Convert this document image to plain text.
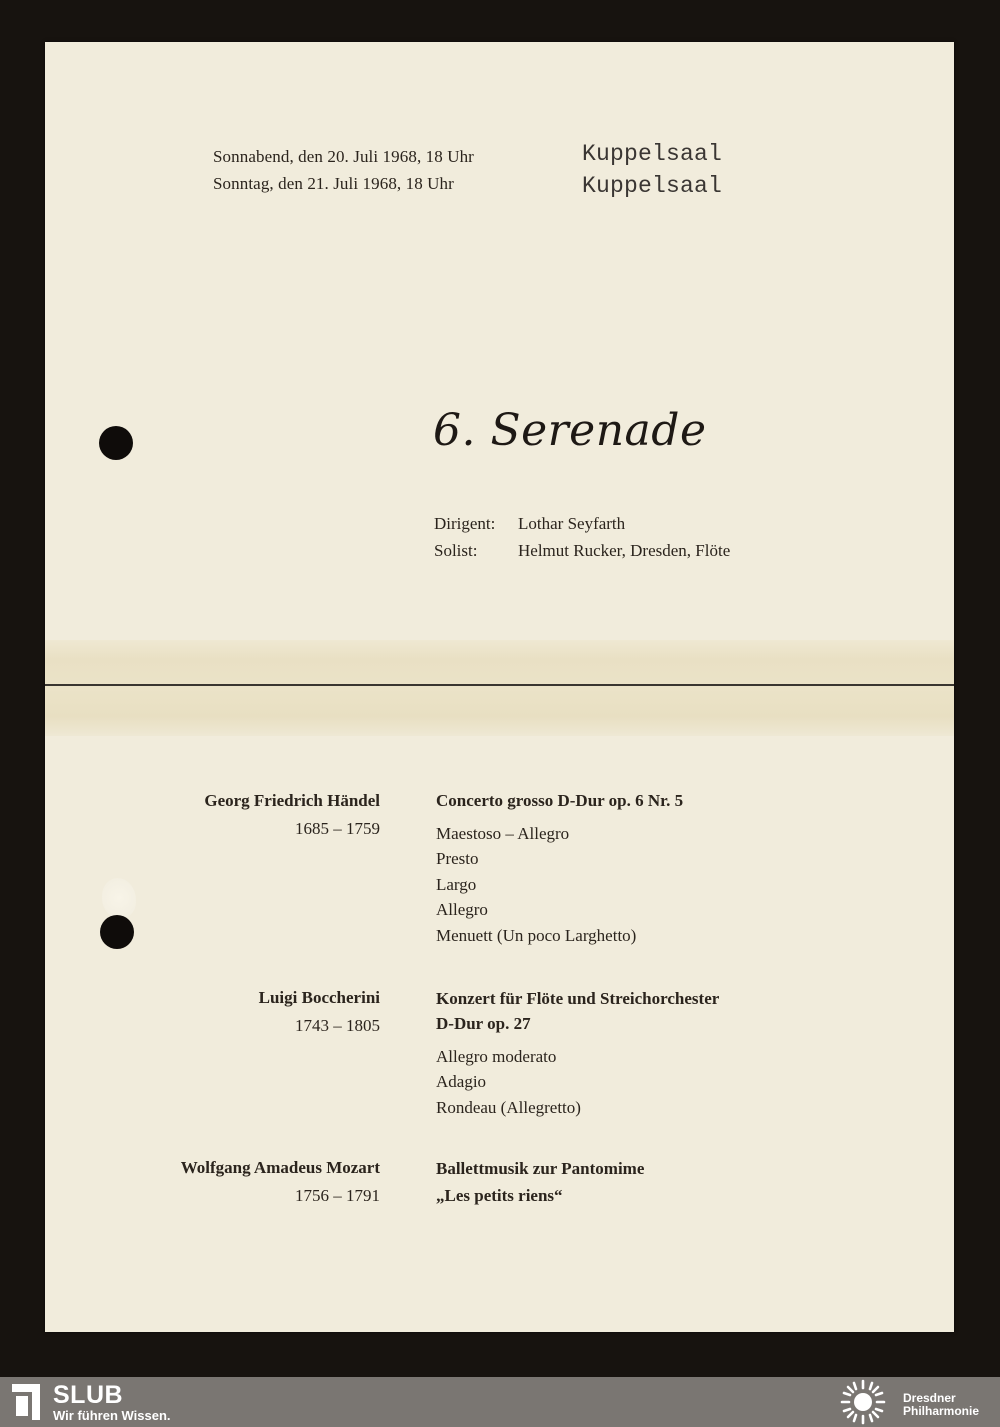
Sonnabend, den 20. Juli 1968, 18 Uhr
Sonntag, den 21. Juli 1968, 18 Uhr
Kuppelsaal
Kuppelsaal
6. Serenade
Dirigent: Lothar Seyfarth
Solist: Helmut Rucker, Dresden, Flöte
Georg Friedrich Händel
1685 – 1759
Concerto grosso D-Dur op. 6 Nr. 5
Maestoso – Allegro
Presto
Largo
Allegro
Menuett (Un poco Larghetto)
Luigi Boccherini
1743 – 1805
Konzert für Flöte und Streichorchester
D-Dur op. 27
Allegro moderato
Adagio
Rondeau (Allegretto)
Wolfgang Amadeus Mozart
1756 – 1791
Ballettmusik zur Pantomime
„Les petits riens“
SLUB
Wir führen Wissen.
Dresdner
Philharmonie
